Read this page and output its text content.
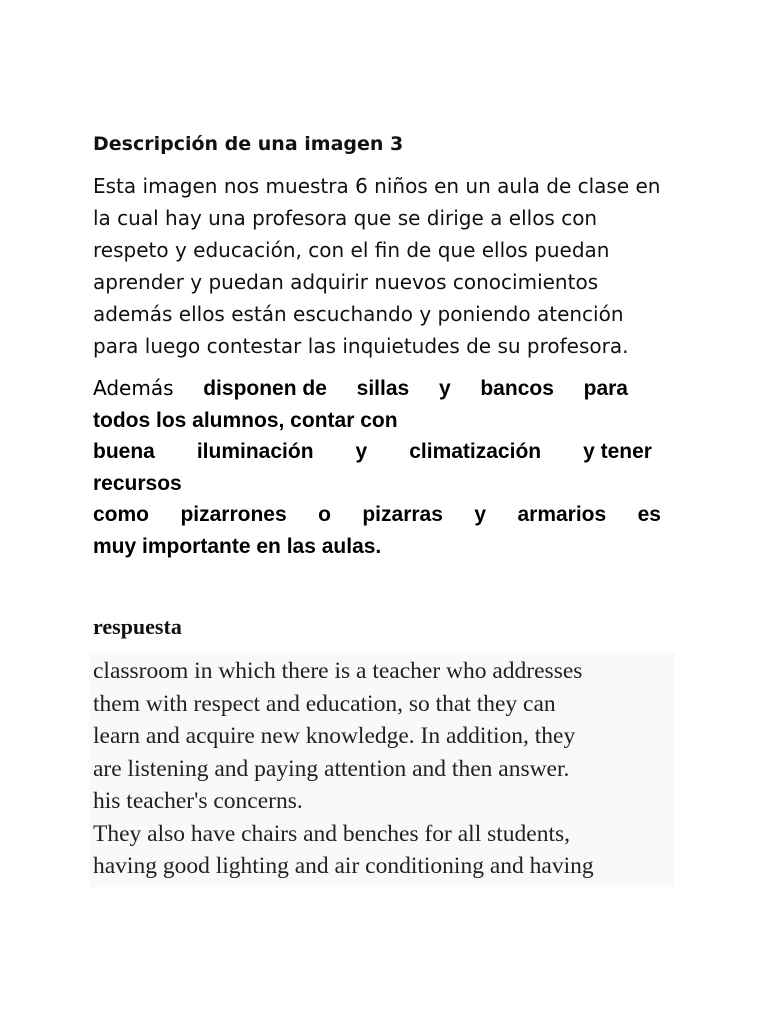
Descripción de una imagen 3

Esta imagen nos muestra 6 niños en un aula de clase en
la cual hay una profesora que se dirige a ellos con
respeto y educación, con el fin de que ellos puedan
aprender y puedan adquirir nuevos conocimientos
además ellos están escuchando y poniendo atención
para luego contestar las inquietudes de su profesora.

Además disponen de sillas y bancos para
todos los alumnos, contar con
buena iluminación y climatización y tener
recursos
como pizarrones o pizarras y armarios es
muy importante en las aulas.
respuesta

classroom in which there is a teacher who addresses
them with respect and education, so that they can
learn and acquire new knowledge. In addition, they
are listening and paying attention and then answer.
his teacher's concerns.
They also have chairs and benches for all students,
having good lighting and air conditioning and having
